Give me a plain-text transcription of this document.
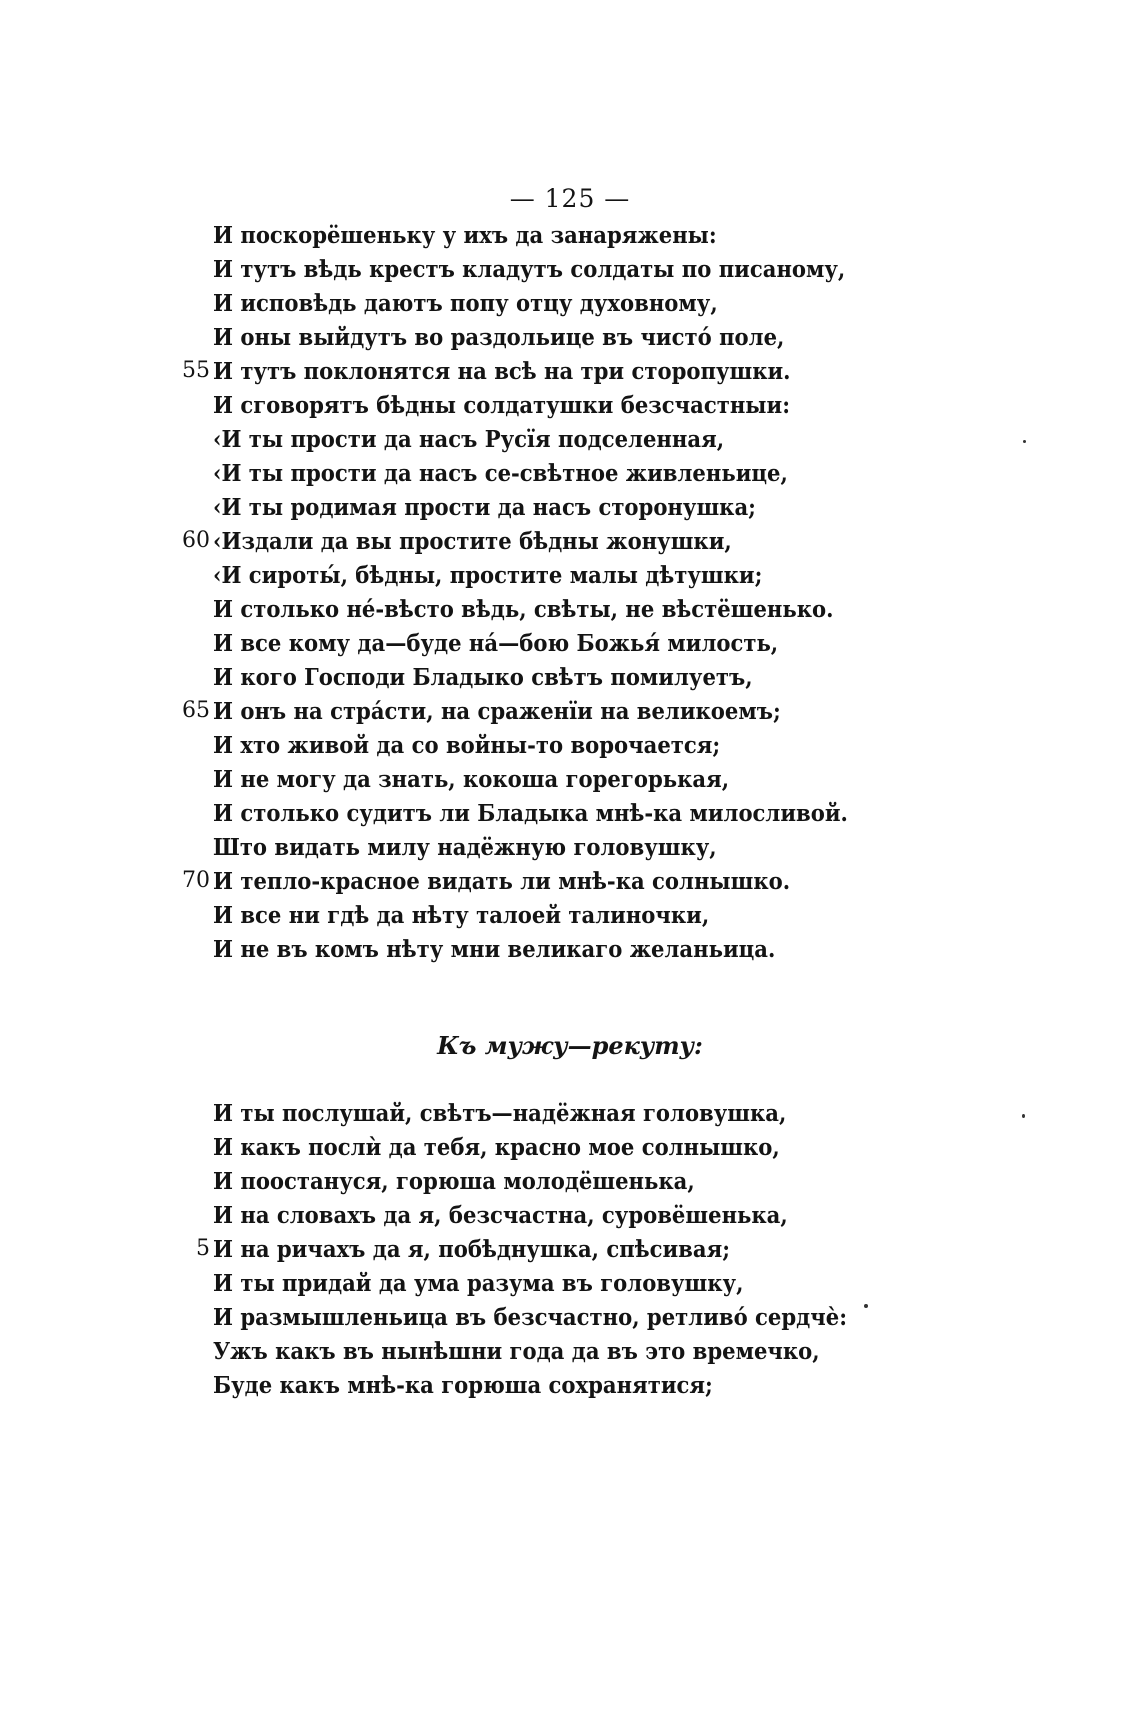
— 125 —
И поскорёшеньку у ихъ да занаряжены:
И тутъ вѣдь крестъ кладутъ солдаты по писаному,
И исповѣдь даютъ попу отцу духовному,
И оны выйдутъ во раздольице въ чисто́ поле,
55 И тутъ поклонятся на всѣ на три сторопушки.
И сговорятъ бѣдны солдатушки безсчастныи:
‹И ты прости да насъ Русїя подселенная,
‹И ты прости да насъ се-свѣтное живленьице,
‹И ты родимая прости да насъ сторонушка;
60 ‹Издали да вы простите бѣдны жонушки,
‹И сироты́, бѣдны, простите малы дѣтушки;
И столько не́-вѣсто вѣдь, свѣты, не вѣстёшенько.
И все кому да—буде на́—бою Божья́ милость,
И кого Господи Бладыко свѣтъ помилуетъ,
65 И онъ на стра́сти, на сраженїи на великоемъ;
И хто живой да со войны-то ворочается;
И не могу да знать, кокоша горегорькая,
И столько судитъ ли Бладыка мнѣ-ка милосливой.
Што видать милу надёжную головушку,
70 И тепло-красное видать ли мнѣ-ка солнышко.
И все ни гдѣ да нѣту талоей талиночки,
И не въ комъ нѣту мни великаго желаньица.
Къ мужу—рекуту:
И ты послушай, свѣтъ—надёжная головушка,
И какъ послѝ да тебя, красно мое солнышко,
И поостануся, горюша молодёшенька,
И на словахъ да я, безсчастна, суровёшенька,
5 И на ричахъ да я, побѣднушка, спѣсивая;
И ты придай да ума разума въ головушку,
И размышленьица въ безсчастно, ретливо́ сердчѐ:
Ужъ какъ въ нынѣшни года да въ это времечко,
Буде какъ мнѣ-ка горюша сохранятися;
